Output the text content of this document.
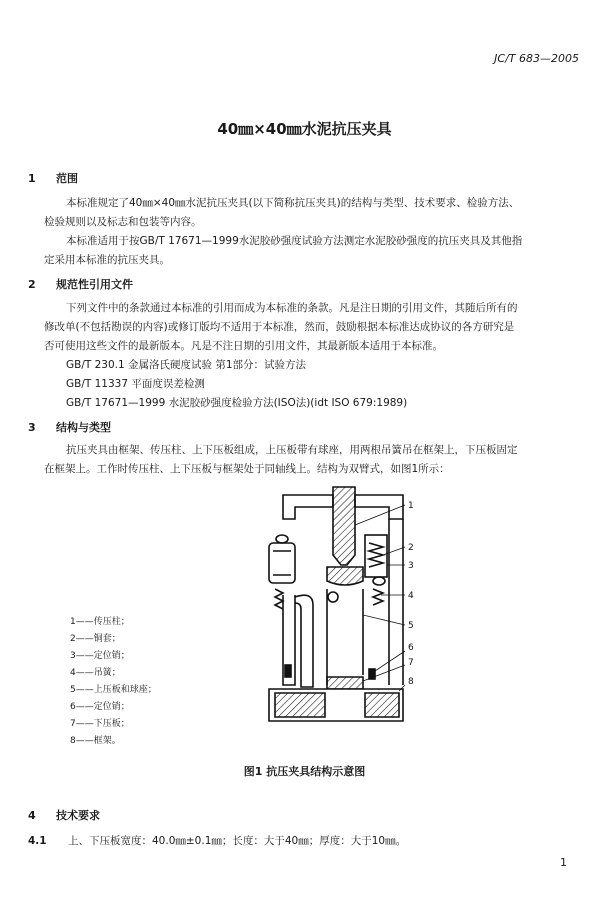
JC/T 683—2005
40㎜×40㎜水泥抗压夹具
1 范围
本标准规定了40㎜×40㎜水泥抗压夹具(以下简称抗压夹具)的结构与类型、技术要求、检验方法、
检验规则以及标志和包装等内容。
本标准适用于按GB/T 17671—1999水泥胶砂强度试验方法测定水泥胶砂强度的抗压夹具及其他指
定采用本标准的抗压夹具。
2 规范性引用文件
下列文件中的条款通过本标准的引用而成为本标准的条款。凡是注日期的引用文件，其随后所有的
修改单(不包括勘误的内容)或修订版均不适用于本标准，然而，鼓励根据本标准达成协议的各方研究是
否可使用这些文件的最新版本。凡是不注日期的引用文件，其最新版本适用于本标准。
GB/T 230.1 金属洛氏硬度试验 第1部分：试验方法
GB/T 11337 平面度误差检测
GB/T 17671—1999 水泥胶砂强度检验方法(ISO法)(idt ISO 679:1989)
3 结构与类型
抗压夹具由框架、传压柱、上下压板组成，上压板带有球座，用两根吊簧吊在框架上，下压板固定
在框架上。工作时传压柱、上下压板与框架处于同轴线上。结构为双臂式，如图1所示：
1——传压柱；
2——铜套；
3——定位销；
4——吊簧；
5——上压板和球座；
6——定位销；
7——下压板；
8——框架。
1
2
3
4
5
6
7
8
图1 抗压夹具结构示意图
4 技术要求
4.1 上、下压板宽度：40.0㎜±0.1㎜；长度：大于40㎜；厚度：大于10㎜。
1
